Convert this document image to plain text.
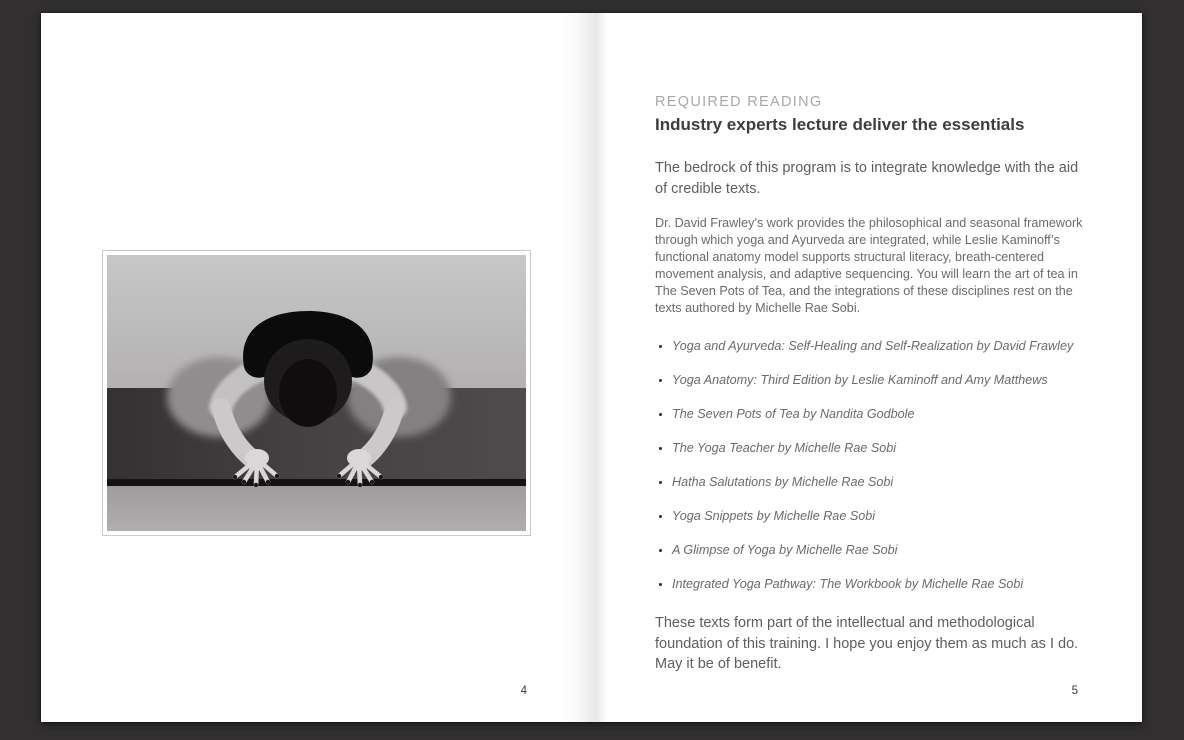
4
REQUIRED READING
Industry experts lecture deliver the essentials

The bedrock of this program is to integrate knowledge with the aid of credible texts.

Dr. David Frawley’s work provides the philosophical and seasonal framework through which yoga and Ayurveda are integrated, while Leslie Kaminoff’s functional anatomy model supports structural literacy, breath-centered movement analysis, and adaptive sequencing. You will learn the art of tea in The Seven Pots of Tea, and the integrations of these disciplines rest on the texts authored by Michelle Rae Sobi.

• Yoga and Ayurveda: Self-Healing and Self-Realization by David Frawley
• Yoga Anatomy: Third Edition by Leslie Kaminoff and Amy Matthews
• The Seven Pots of Tea by Nandita Godbole
• The Yoga Teacher by Michelle Rae Sobi
• Hatha Salutations by Michelle Rae Sobi
• Yoga Snippets by Michelle Rae Sobi
• A Glimpse of Yoga by Michelle Rae Sobi
• Integrated Yoga Pathway: The Workbook by Michelle Rae Sobi

These texts form part of the intellectual and methodological foundation of this training. I hope you enjoy them as much as I do. May it be of benefit.

5
